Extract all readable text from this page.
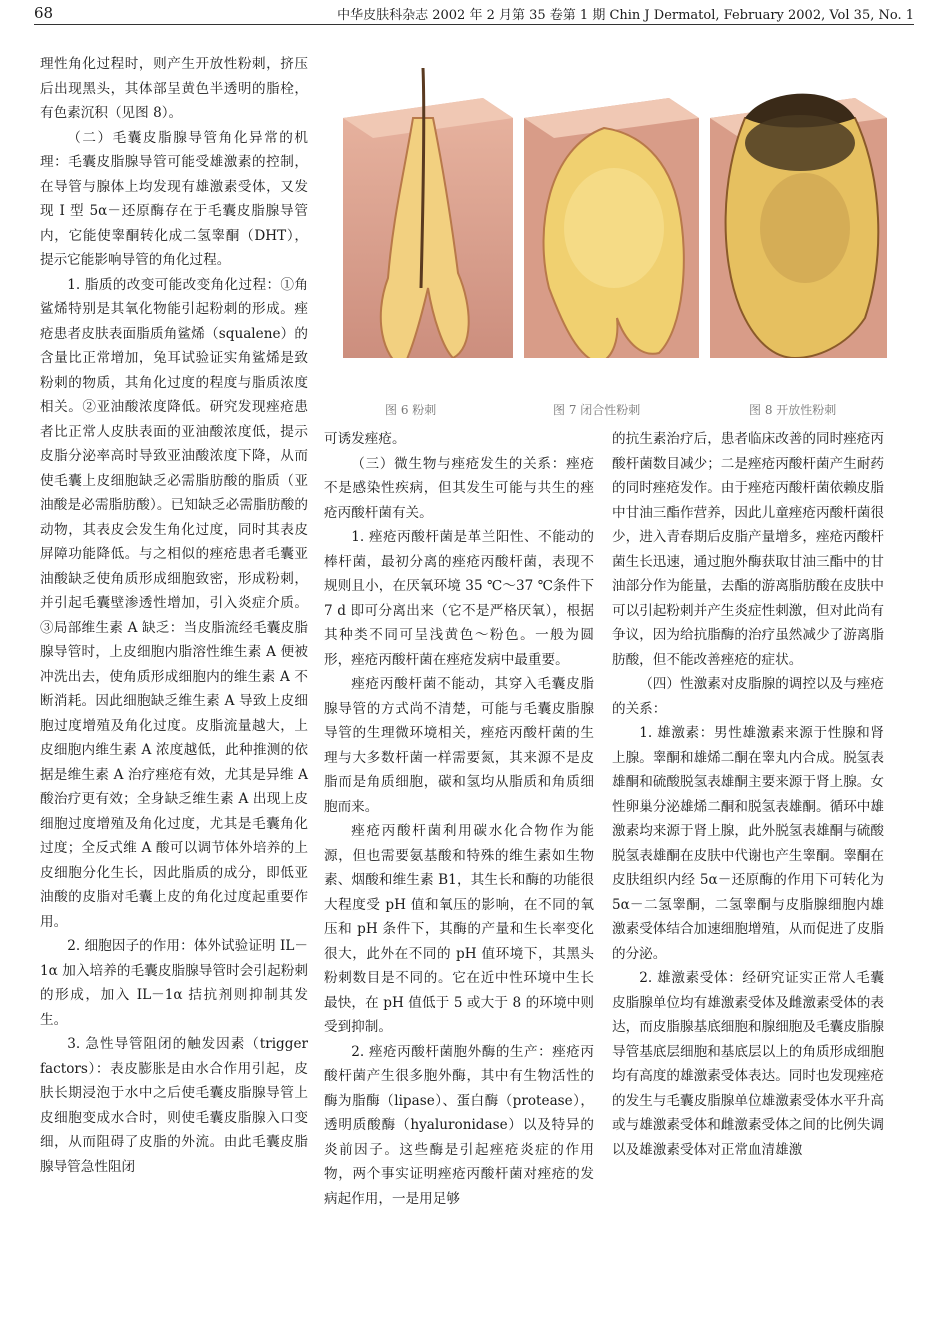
68	中华皮肤科杂志 2002 年 2 月第 35 卷第 1 期 Chin J Dermatol, February 2002, Vol 35, No. 1

理性角化过程时，则产生开放性粉刺，挤压后出现黑头，其体部呈黄色半透明的脂栓，有色素沉积（见图 8）。

（二）毛囊皮脂腺导管角化异常的机理：毛囊皮脂腺导管可能受雄激素的控制，在导管与腺体上均发现有雄激素受体，又发现 I 型 5α－还原酶存在于毛囊皮脂腺导管内，它能使睾酮转化成二氢睾酮（DHT），提示它能影响导管的角化过程。

1. 脂质的改变可能改变角化过程：①角鲨烯特别是其氧化物能引起粉刺的形成。痤疮患者皮肤表面脂质角鲨烯（squalene）的含量比正常增加，兔耳试验证实角鲨烯是致粉刺的物质，其角化过度的程度与脂质浓度相关。②亚油酸浓度降低。研究发现痤疮患者比正常人皮肤表面的亚油酸浓度低，提示皮脂分泌率高时导致亚油酸浓度下降，从而使毛囊上皮细胞缺乏必需脂肪酸的脂质（亚油酸是必需脂肪酸）。已知缺乏必需脂肪酸的动物，其表皮会发生角化过度，同时其表皮屏障功能降低。与之相似的痤疮患者毛囊亚油酸缺乏使角质形成细胞致密，形成粉刺，并引起毛囊壁渗透性增加，引入炎症介质。③局部维生素 A 缺乏：当皮脂流经毛囊皮脂腺导管时，上皮细胞内脂溶性维生素 A 便被冲洗出去，使角质形成细胞内的维生素 A 不断消耗。因此细胞缺乏维生素 A 导致上皮细胞过度增殖及角化过度。皮脂流量越大，上皮细胞内维生素 A 浓度越低，此种推测的依据是维生素 A 治疗痤疮有效，尤其是异维 A 酸治疗更有效；全身缺乏维生素 A 出现上皮细胞过度增殖及角化过度，尤其是毛囊角化过度；全反式维 A 酸可以调节体外培养的上皮细胞分化生长，因此脂质的成分，即低亚油酸的皮脂对毛囊上皮的角化过度起重要作用。

2. 细胞因子的作用：体外试验证明 IL－1α 加入培养的毛囊皮脂腺导管时会引起粉刺的形成，加入 IL－1α 拮抗剂则抑制其发生。

3. 急性导管阻闭的触发因素（trigger factors）：表皮膨胀是由水合作用引起，皮肤长期浸泡于水中之后使毛囊皮脂腺导管上皮细胞变成水合时，则使毛囊皮脂腺入口变细，从而阻碍了皮脂的外流。由此毛囊皮脂腺导管急性阻闭

图 6 粉刺	图 7 闭合性粉刺	图 8 开放性粉刺

可诱发痤疮。

（三）微生物与痤疮发生的关系：痤疮不是感染性疾病，但其发生可能与共生的痤疮丙酸杆菌有关。

1. 痤疮丙酸杆菌是革兰阳性、不能动的棒杆菌，最初分离的痤疮丙酸杆菌，表现不规则且小，在厌氧环境 35 ℃～37 ℃条件下 7 d 即可分离出来（它不是严格厌氧），根据其种类不同可呈浅黄色～粉色。一般为圆形，痤疮丙酸杆菌在痤疮发病中最重要。

痤疮丙酸杆菌不能动，其穿入毛囊皮脂腺导管的方式尚不清楚，可能与毛囊皮脂腺导管的生理微环境相关，痤疮丙酸杆菌的生理与大多数杆菌一样需要氮，其来源不是皮脂而是角质细胞，碳和氢均从脂质和角质细胞而来。

痤疮丙酸杆菌利用碳水化合物作为能源，但也需要氨基酸和特殊的维生素如生物素、烟酸和维生素 B1，其生长和酶的功能很大程度受 pH 值和氧压的影响，在不同的氧压和 pH 条件下，其酶的产量和生长率变化很大，此外在不同的 pH 值环境下，其黑头粉刺数目是不同的。它在近中性环境中生长最快，在 pH 值低于 5 或大于 8 的环境中则受到抑制。

2. 痤疮丙酸杆菌胞外酶的生产：痤疮丙酸杆菌产生很多胞外酶，其中有生物活性的酶为脂酶（lipase）、蛋白酶（protease），透明质酸酶（hyaluronidase）以及特异的炎前因子。这些酶是引起痤疮炎症的作用物，两个事实证明痤疮丙酸杆菌对痤疮的发病起作用，一是用足够

的抗生素治疗后，患者临床改善的同时痤疮丙酸杆菌数目减少；二是痤疮丙酸杆菌产生耐药的同时痤疮发作。由于痤疮丙酸杆菌依赖皮脂中甘油三酯作营养，因此儿童痤疮丙酸杆菌很少，进入青春期后皮脂产量增多，痤疮丙酸杆菌生长迅速，通过胞外酶获取甘油三酯中的甘油部分作为能量，去酯的游离脂肪酸在皮肤中可以引起粉刺并产生炎症性刺激，但对此尚有争议，因为给抗脂酶的治疗虽然减少了游离脂肪酸，但不能改善痤疮的症状。

（四）性激素对皮脂腺的调控以及与痤疮的关系：

1. 雄激素：男性雄激素来源于性腺和肾上腺。睾酮和雄烯二酮在睾丸内合成。脱氢表雄酮和硫酸脱氢表雄酮主要来源于肾上腺。女性卵巢分泌雄烯二酮和脱氢表雄酮。循环中雄激素均来源于肾上腺，此外脱氢表雄酮与硫酸脱氢表雄酮在皮肤中代谢也产生睾酮。睾酮在皮肤组织内经 5α－还原酶的作用下可转化为 5α－二氢睾酮，二氢睾酮与皮脂腺细胞内雄激素受体结合加速细胞增殖，从而促进了皮脂的分泌。

2. 雄激素受体：经研究证实正常人毛囊皮脂腺单位均有雄激素受体及雌激素受体的表达，而皮脂腺基底细胞和腺细胞及毛囊皮脂腺导管基底层细胞和基底层以上的角质形成细胞均有高度的雄激素受体表达。同时也发现痤疮的发生与毛囊皮脂腺单位雄激素受体水平升高或与雄激素受体和雌激素受体之间的比例失调以及雄激素受体对正常血清雄激
